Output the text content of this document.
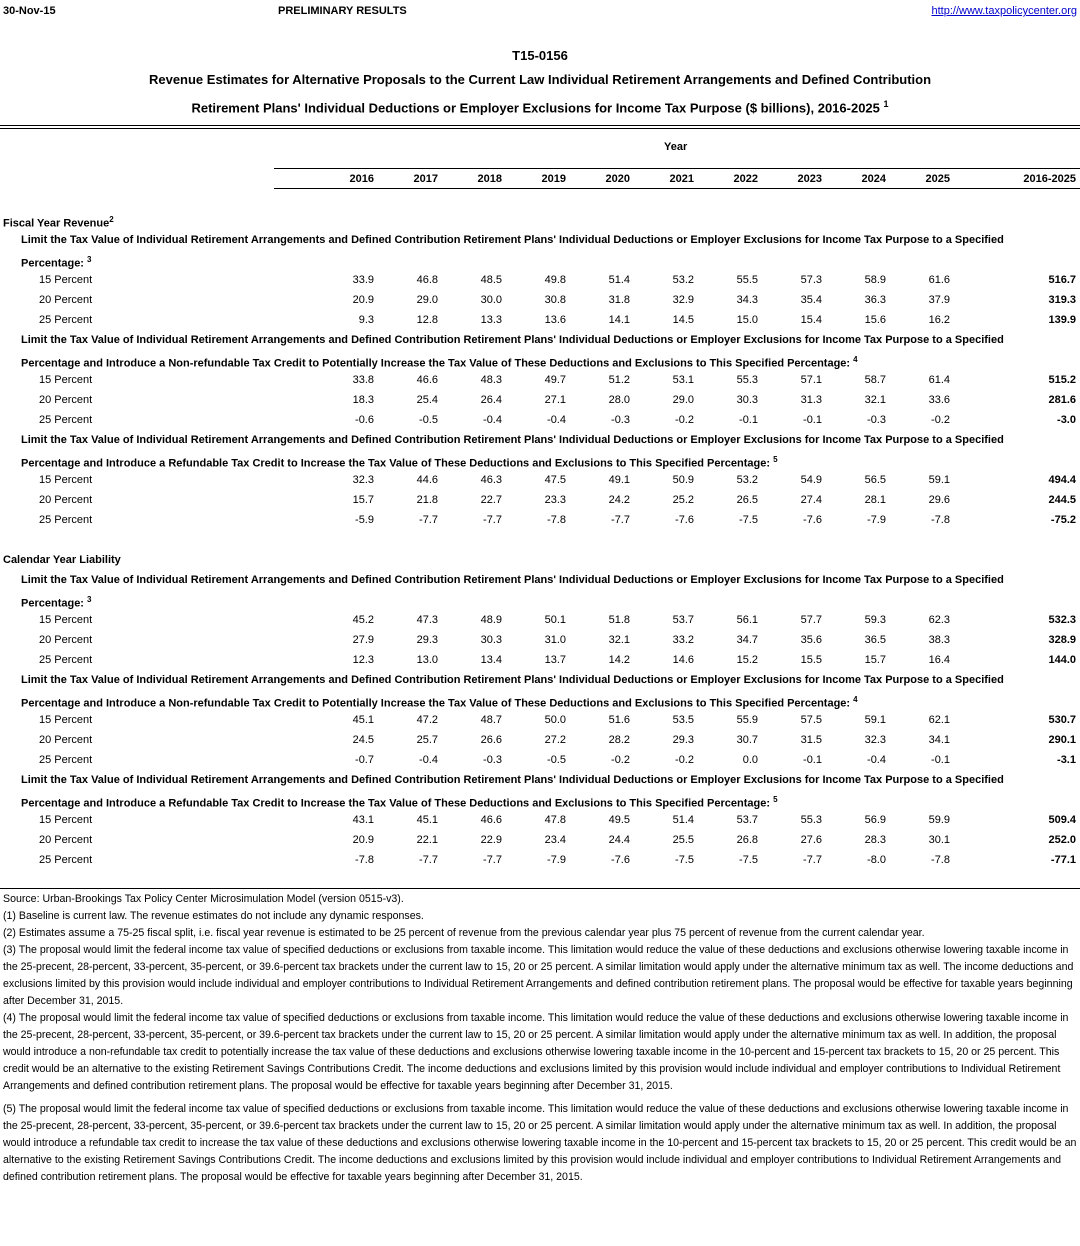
30-Nov-15	PRELIMINARY RESULTS	http://www.taxpolicycenter.org
T15-0156
Revenue Estimates for Alternative Proposals to the Current Law Individual Retirement Arrangements and Defined Contribution
Retirement Plans' Individual Deductions or Employer Exclusions for Income Tax Purpose ($ billions), 2016-2025 $^1$
Year
2016	2017	2018	2019	2020	2021	2022	2023	2024	2025	2016-2025
Fiscal Year Revenue$^2$
Limit the Tax Value of Individual Retirement Arrangements and Defined Contribution Retirement Plans' Individual Deductions or Employer Exclusions for Income Tax Purpose to a Specified
Percentage: $^3$
15 Percent	33.9	46.8	48.5	49.8	51.4	53.2	55.5	57.3	58.9	61.6	516.7
20 Percent	20.9	29.0	30.0	30.8	31.8	32.9	34.3	35.4	36.3	37.9	319.3
25 Percent	9.3	12.8	13.3	13.6	14.1	14.5	15.0	15.4	15.6	16.2	139.9
Limit the Tax Value of Individual Retirement Arrangements and Defined Contribution Retirement Plans' Individual Deductions or Employer Exclusions for Income Tax Purpose to a Specified
Percentage and Introduce a Non-refundable Tax Credit to Potentially Increase the Tax Value of These Deductions and Exclusions to This Specified Percentage: $^4$
15 Percent	33.8	46.6	48.3	49.7	51.2	53.1	55.3	57.1	58.7	61.4	515.2
20 Percent	18.3	25.4	26.4	27.1	28.0	29.0	30.3	31.3	32.1	33.6	281.6
25 Percent	-0.6	-0.5	-0.4	-0.4	-0.3	-0.2	-0.1	-0.1	-0.3	-0.2	-3.0
Limit the Tax Value of Individual Retirement Arrangements and Defined Contribution Retirement Plans' Individual Deductions or Employer Exclusions for Income Tax Purpose to a Specified
Percentage and Introduce a Refundable Tax Credit to Increase the Tax Value of These Deductions and Exclusions to This Specified Percentage: $^5$
15 Percent	32.3	44.6	46.3	47.5	49.1	50.9	53.2	54.9	56.5	59.1	494.4
20 Percent	15.7	21.8	22.7	23.3	24.2	25.2	26.5	27.4	28.1	29.6	244.5
25 Percent	-5.9	-7.7	-7.7	-7.8	-7.7	-7.6	-7.5	-7.6	-7.9	-7.8	-75.2
Calendar Year Liability
Limit the Tax Value of Individual Retirement Arrangements and Defined Contribution Retirement Plans' Individual Deductions or Employer Exclusions for Income Tax Purpose to a Specified
Percentage: $^3$
15 Percent	45.2	47.3	48.9	50.1	51.8	53.7	56.1	57.7	59.3	62.3	532.3
20 Percent	27.9	29.3	30.3	31.0	32.1	33.2	34.7	35.6	36.5	38.3	328.9
25 Percent	12.3	13.0	13.4	13.7	14.2	14.6	15.2	15.5	15.7	16.4	144.0
Limit the Tax Value of Individual Retirement Arrangements and Defined Contribution Retirement Plans' Individual Deductions or Employer Exclusions for Income Tax Purpose to a Specified
Percentage and Introduce a Non-refundable Tax Credit to Potentially Increase the Tax Value of These Deductions and Exclusions to This Specified Percentage: $^4$
15 Percent	45.1	47.2	48.7	50.0	51.6	53.5	55.9	57.5	59.1	62.1	530.7
20 Percent	24.5	25.7	26.6	27.2	28.2	29.3	30.7	31.5	32.3	34.1	290.1
25 Percent	-0.7	-0.4	-0.3	-0.5	-0.2	-0.2	0.0	-0.1	-0.4	-0.1	-3.1
Limit the Tax Value of Individual Retirement Arrangements and Defined Contribution Retirement Plans' Individual Deductions or Employer Exclusions for Income Tax Purpose to a Specified
Percentage and Introduce a Refundable Tax Credit to Increase the Tax Value of These Deductions and Exclusions to This Specified Percentage: $^5$
15 Percent	43.1	45.1	46.6	47.8	49.5	51.4	53.7	55.3	56.9	59.9	509.4
20 Percent	20.9	22.1	22.9	23.4	24.4	25.5	26.8	27.6	28.3	30.1	252.0
25 Percent	-7.8	-7.7	-7.7	-7.9	-7.6	-7.5	-7.5	-7.7	-8.0	-7.8	-77.1

Source: Urban-Brookings Tax Policy Center Microsimulation Model (version 0515-v3).

(1) Baseline is current law. The revenue estimates do not include any dynamic responses.

(2) Estimates assume a 75-25 fiscal split, i.e. fiscal year revenue is estimated to be 25 percent of revenue from the previous calendar year plus 75 percent of revenue from the current calendar year.

(3) The proposal would limit the federal income tax value of specified deductions or exclusions from taxable income. This limitation would reduce the value of these deductions and exclusions otherwise lowering taxable income in the 25-precent, 28-percent, 33-percent, 35-percent, or 39.6-percent tax brackets under the current law to 15, 20 or 25 percent. A similar limitation would apply under the alternative minimum tax as well. The income deductions and exclusions limited by this provision would include individual and employer contributions to Individual Retirement Arrangements and defined contribution retirement plans. The proposal would be effective for taxable years beginning after December 31, 2015.

(4) The proposal would limit the federal income tax value of specified deductions or exclusions from taxable income. This limitation would reduce the value of these deductions and exclusions otherwise lowering taxable income in the 25-precent, 28-percent, 33-percent, 35-percent, or 39.6-percent tax brackets under the current law to 15, 20 or 25 percent. A similar limitation would apply under the alternative minimum tax as well. In addition, the proposal would introduce a non-refundable tax credit to potentially increase the tax value of these deductions and exclusions otherwise lowering taxable income in the 10-percent and 15-percent tax brackets to 15, 20 or 25 percent. This credit would be an alternative to the existing Retirement Savings Contributions Credit. The income deductions and exclusions limited by this provision would include individual and employer contributions to Individual Retirement Arrangements and defined contribution retirement plans. The proposal would be effective for taxable years beginning after December 31, 2015.

(5) The proposal would limit the federal income tax value of specified deductions or exclusions from taxable income. This limitation would reduce the value of these deductions and exclusions otherwise lowering taxable income in the 25-precent, 28-percent, 33-percent, 35-percent, or 39.6-percent tax brackets under the current law to 15, 20 or 25 percent. A similar limitation would apply under the alternative minimum tax as well. In addition, the proposal would introduce a refundable tax credit to increase the tax value of these deductions and exclusions otherwise lowering taxable income in the 10-percent and 15-percent tax brackets to 15, 20 or 25 percent. This credit would be an alternative to the existing Retirement Savings Contributions Credit. The income deductions and exclusions limited by this provision would include individual and employer contributions to Individual Retirement Arrangements and defined contribution retirement plans. The proposal would be effective for taxable years beginning after December 31, 2015.
